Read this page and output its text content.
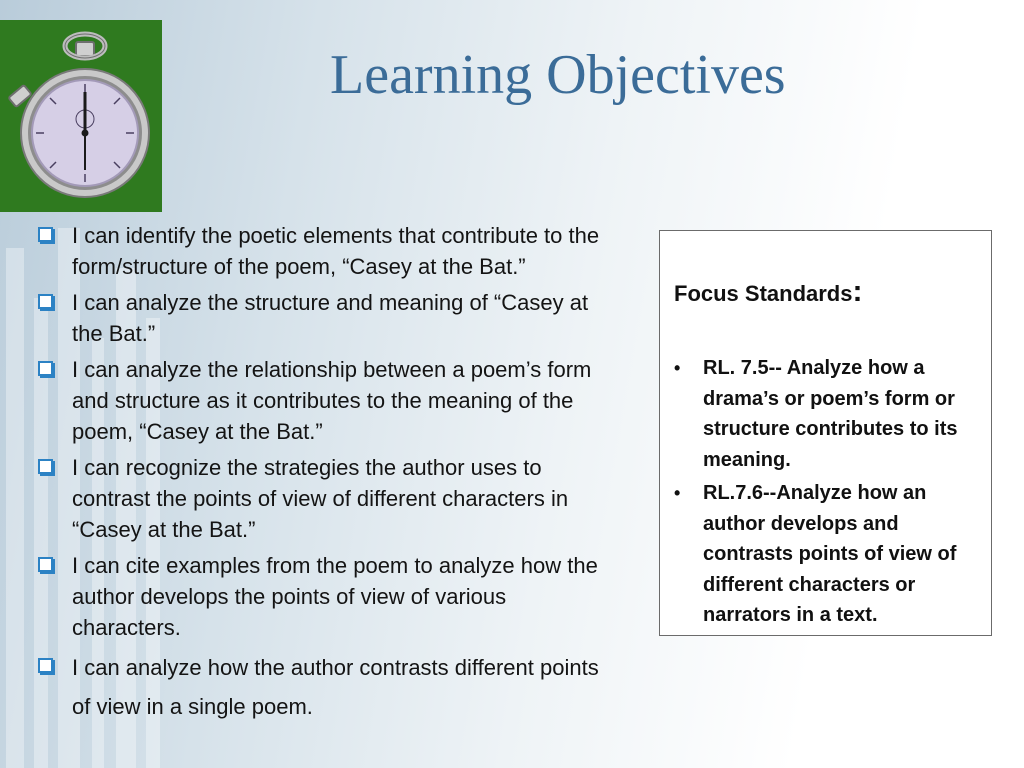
Learning Objectives
I can identify the poetic elements that contribute to the form/structure of the poem, “Casey at the Bat.”
I can analyze the structure and meaning of “Casey at the Bat.”
I can analyze the relationship between a poem’s form and structure as it contributes to the meaning of the poem, “Casey at the Bat.”
I can recognize the strategies the author uses to contrast the points of view of different characters in “Casey at the Bat.”
I can cite examples from the poem to analyze how the author develops the points of view of various characters.
I can analyze how the author contrasts different points of view in a single poem.
Focus Standards:
• RL. 7.5-- Analyze how a drama’s or poem’s form or structure contributes to its meaning.
• RL.7.6--Analyze how an author develops and contrasts points of view of different characters or narrators in a text.
